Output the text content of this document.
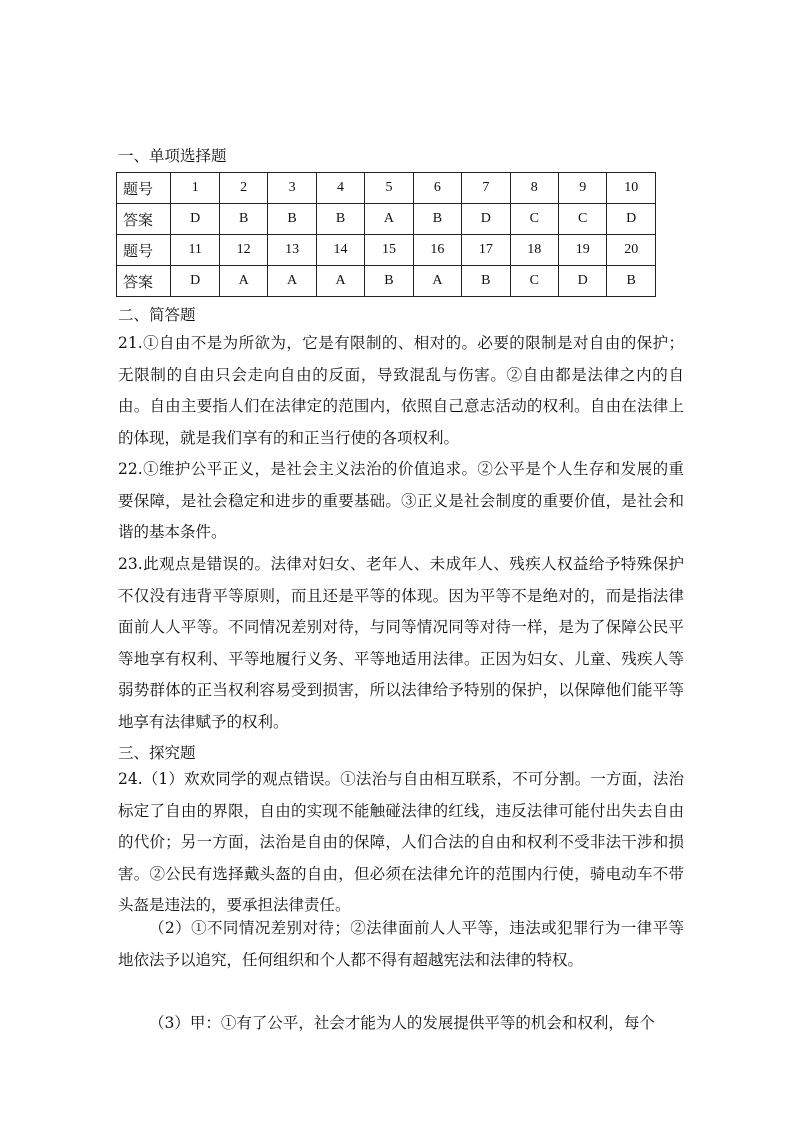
一、单项选择题
题号	1	2	3	4	5	6	7	8	9	10
答案	D	B	B	B	A	B	D	C	C	D
题号	11	12	13	14	15	16	17	18	19	20
答案	D	A	A	A	B	A	B	C	D	B
二、简答题

21.①自由不是为所欲为，它是有限制的、相对的。必要的限制是对自由的保护；无限制的自由只会走向自由的反面，导致混乱与伤害。②自由都是法律之内的自由。自由主要指人们在法律定的范围内，依照自己意志活动的权利。自由在法律上的体现，就是我们享有的和正当行使的各项权利。

22.①维护公平正义，是社会主义法治的价值追求。②公平是个人生存和发展的重要保障，是社会稳定和进步的重要基础。③正义是社会制度的重要价值，是社会和谐的基本条件。

23.此观点是错误的。法律对妇女、老年人、未成年人、残疾人权益给予特殊保护不仅没有违背平等原则，而且还是平等的体现。因为平等不是绝对的，而是指法律面前人人平等。不同情况差别对待，与同等情况同等对待一样，是为了保障公民平等地享有权利、平等地履行义务、平等地适用法律。正因为妇女、儿童、残疾人等弱势群体的正当权利容易受到损害，所以法律给予特别的保护，以保障他们能平等地享有法律赋予的权利。

三、探究题

24.（1）欢欢同学的观点错误。①法治与自由相互联系，不可分割。一方面，法治标定了自由的界限，自由的实现不能触碰法律的红线，违反法律可能付出失去自由的代价；另一方面，法治是自由的保障，人们合法的自由和权利不受非法干涉和损害。②公民有选择戴头盔的自由，但必须在法律允许的范围内行使，骑电动车不带头盔是违法的，要承担法律责任。

（2）①不同情况差别对待；②法律面前人人平等，违法或犯罪行为一律平等地依法予以追究，任何组织和个人都不得有超越宪法和法律的特权。

（3）甲：①有了公平，社会才能为人的发展提供平等的机会和权利，每个
